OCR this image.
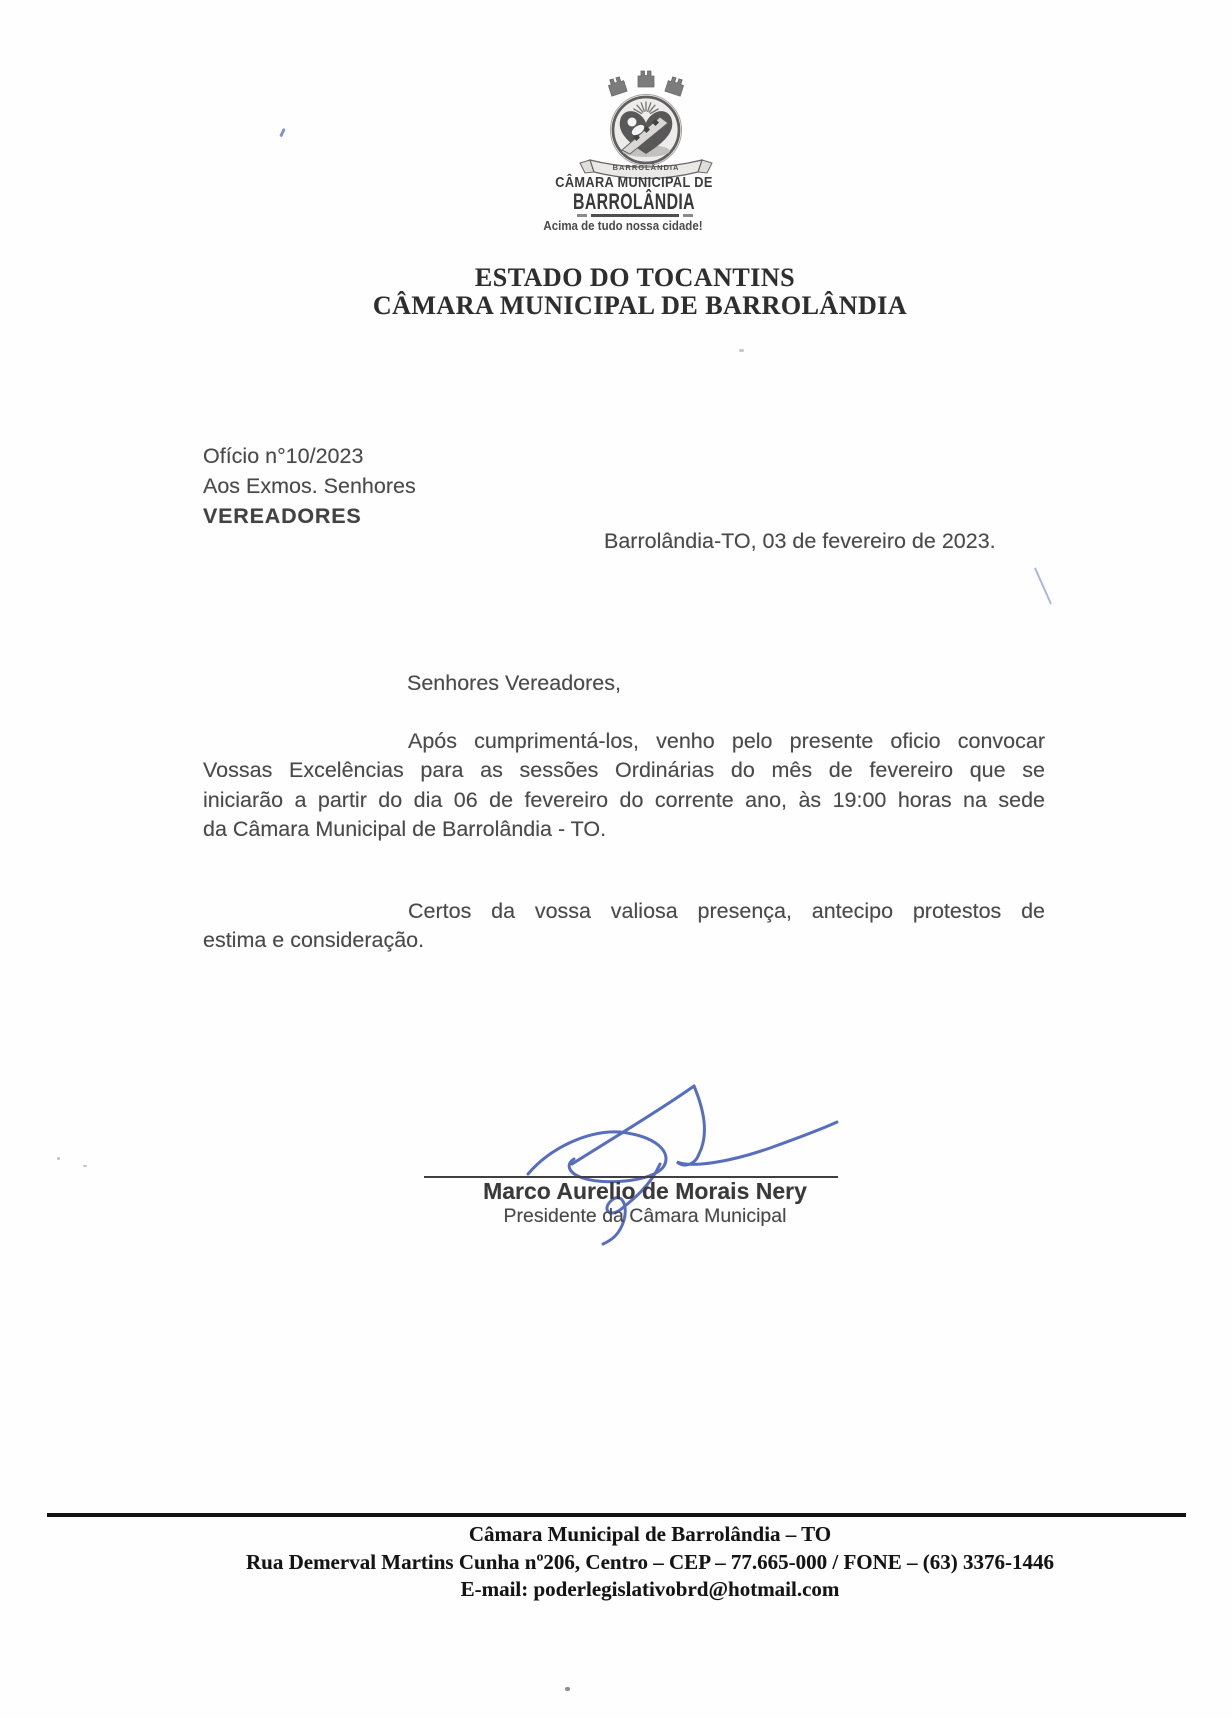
BARROLÂNDIA
CÂMARA MUNICIPAL DE
BARROLÂNDIA
Acima de tudo nossa cidade!
ESTADO DO TOCANTINS
CÂMARA MUNICIPAL DE BARROLÂNDIA
Ofício n°10/2023
Aos Exmos. Senhores
VEREADORES
Barrolândia-TO, 03 de fevereiro de 2023.
Senhores Vereadores,
Após cumprimentá-los, venho pelo presente oficio convocar
Vossas Excelências para as sessões Ordinárias do mês de fevereiro que se
iniciarão a partir do dia 06 de fevereiro do corrente ano, às 19:00 horas na sede
da Câmara Municipal de Barrolândia - TO.
Certos da vossa valiosa presença, antecipo protestos de
estima e consideração.
Marco Aurelio de Morais Nery
Presidente da Câmara Municipal
Câmara Municipal de Barrolândia – TO
Rua Demerval Martins Cunha nº206, Centro – CEP – 77.665-000 / FONE – (63) 3376-1446
E-mail: poderlegislativobrd@hotmail.com
